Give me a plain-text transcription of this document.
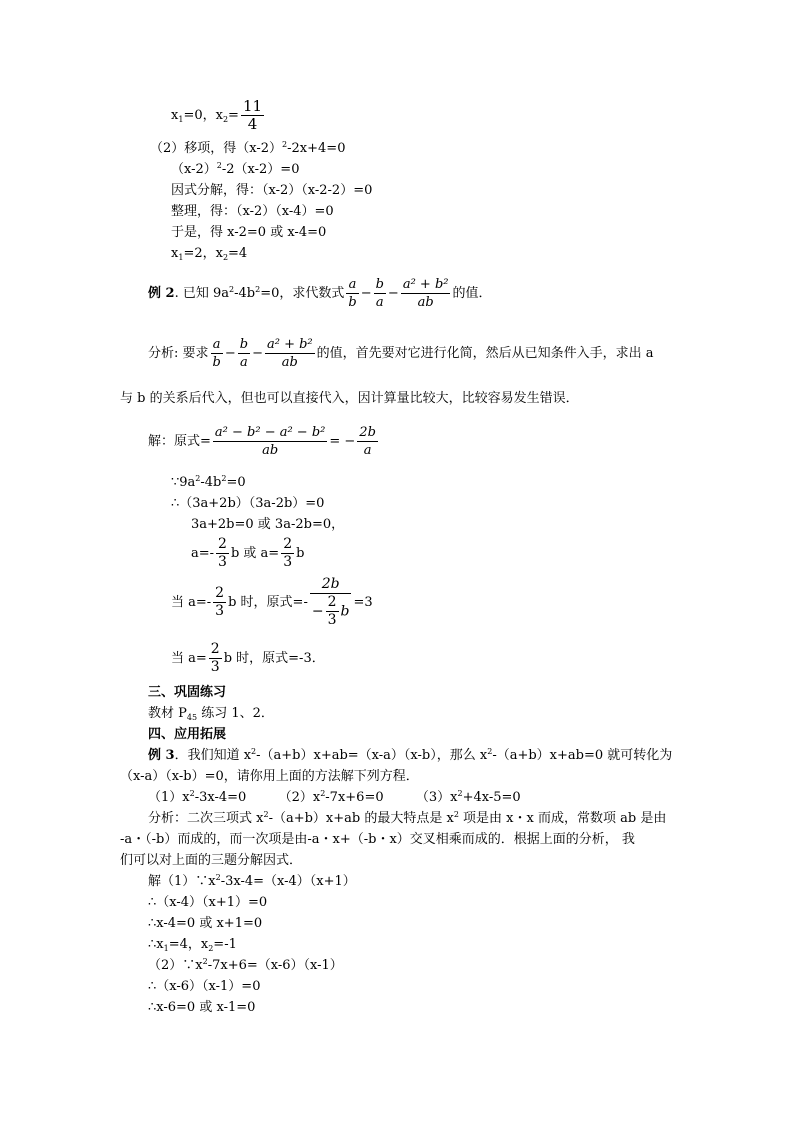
$x_1=0$，$x_2= \frac{11}{4}$
（2）移项，得$(x-2)^2-2x+4=0$
$(x-2)^2-2(x-2)=0$
因式分解，得：（x-2）（x-2-2）=0
整理，得：（x-2）（x-4）=0
于是，得 x-2=0 或 x-4=0
$x_1=2$，$x_2=4$
例 2. 已知 $9a^2-4b^2=0$，求代数式 $\frac{a}{b} - \frac{b}{a} - \frac{\text{a² + b²}}{ab}$ 的值．
分析: 要求 $\frac{a}{b} - \frac{b}{a} - \frac{\text{a² + b²}}{ab}$ 的值，首先要对它进行化简，然后从已知条件入手，求出 a
与 b 的关系后代入，但也可以直接代入，因计算量比较大，比较容易发生错误．
解：原式= $\frac{\text{a² − b² − a² − b²}}{ab}$ = − $\frac{2b}{a}$
$\because 9a^2-4b^2=0$
∴（3a+2b）（3a-2b）=0
3a+2b=0 或 3a-2b=0，
$a=- \frac{2}{3}$ b 或 $a= \frac{2}{3}$ b
当 $a=- \frac{2}{3}$ b 时，原式=- $\frac{2b}{- \frac{2}{3} b} =3$
当 $a= \frac{2}{3}$ b 时，原式=-3．
三、巩固练习
教材 $P_{45}$ 练习 1、2．
四、应用拓展
例 3．我们知道 $x^2-(a+b)x+ab=(x-a)(x-b)$，那么 $x^2-(a+b)x+ab=0$ 就可转化为
（x-a）（x-b）=0，请你用上面的方法解下列方程．
$(1)x^2-3x-4=0$ $(2)x^2-7x+6=0$ $(3)x^2+4x-5=0$
分析：二次三项式 $x^2-(a+b)x+ab$ 的最大特点是 $x^2$ 项是由 x・x 而成，常数项 ab 是由
-a・（-b）而成的，而一次项是由-a・x+（-b・x）交叉相乘而成的．根据上面的分析， 我
们可以对上面的三题分解因式．
解$(1)\because x^2-3x-4=(x-4)(x+1)$
∴（x-4）（x+1）=0
∴x-4=0 或 x+1=0
$\therefore x_1=4$，$x_2=-1$
$(2)\because x^2-7x+6=(x-6)(x-1)$
∴（x-6）（x-1）=0
∴x-6=0 或 x-1=0
